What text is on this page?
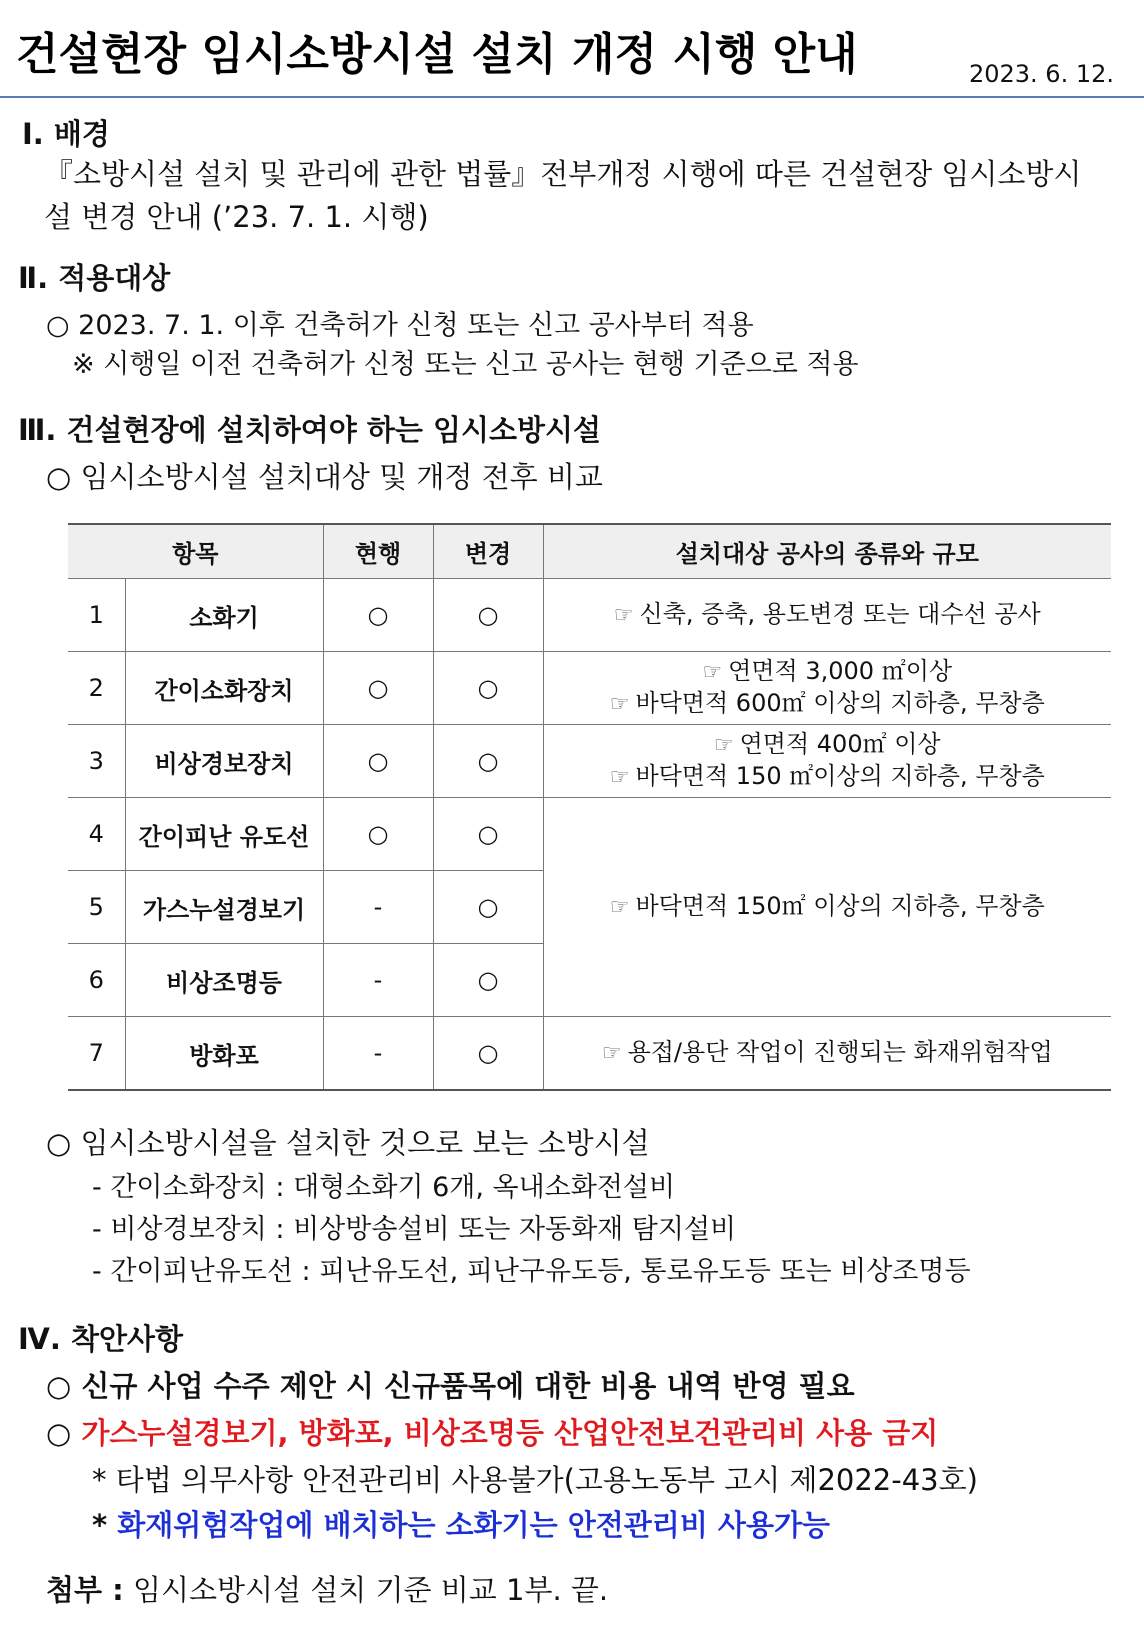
건설현장 임시소방시설 설치 개정 시행 안내	2023. 6. 12.
Ⅰ. 배경
『소방시설 설치 및 관리에 관한 법률』전부개정 시행에 따른 건설현장 임시소방시
설 변경 안내 (’23. 7. 1. 시행)
Ⅱ. 적용대상
○ 2023. 7. 1. 이후 건축허가 신청 또는 신고 공사부터 적용
※ 시행일 이전 건축허가 신청 또는 신고 공사는 현행 기준으로 적용
Ⅲ. 건설현장에 설치하여야 하는 임시소방시설
○ 임시소방시설 설치대상 및 개정 전후 비교
항목		현행	변경	설치대상 공사의 종류와 규모
1	소화기	○	○	☞ 신축, 증축, 용도변경 또는 대수선 공사
2	간이소화장치	○	○	☞ 연면적 3,000 ㎡이상
☞ 바닥면적 600㎡ 이상의 지하층, 무창층

3	비상경보장치	○	○	☞ 연면적 400㎡ 이상
☞ 바닥면적 150 ㎡이상의 지하층, 무창층

4	간이피난 유도선	○	○	☞ 바닥면적 150㎡ 이상의 지하층, 무창층
5	가스누설경보기	-	○	
6	비상조명등	-	○	
7	방화포	-	○	☞ 용접/용단 작업이 진행되는 화재위험작업
○ 임시소방시설을 설치한 것으로 보는 소방시설
- 간이소화장치 : 대형소화기 6개, 옥내소화전설비
- 비상경보장치 : 비상방송설비 또는 자동화재 탐지설비
- 간이피난유도선 : 피난유도선, 피난구유도등, 통로유도등 또는 비상조명등
Ⅳ. 착안사항
○ 신규 사업 수주 제안 시 신규품목에 대한 비용 내역 반영 필요
○ 가스누설경보기, 방화포, 비상조명등 산업안전보건관리비 사용 금지
* 타법 의무사항 안전관리비 사용불가(고용노동부 고시 제2022-43호)
* 화재위험작업에 배치하는 소화기는 안전관리비 사용가능
첨부 : 임시소방시설 설치 기준 비교 1부. 끝.
